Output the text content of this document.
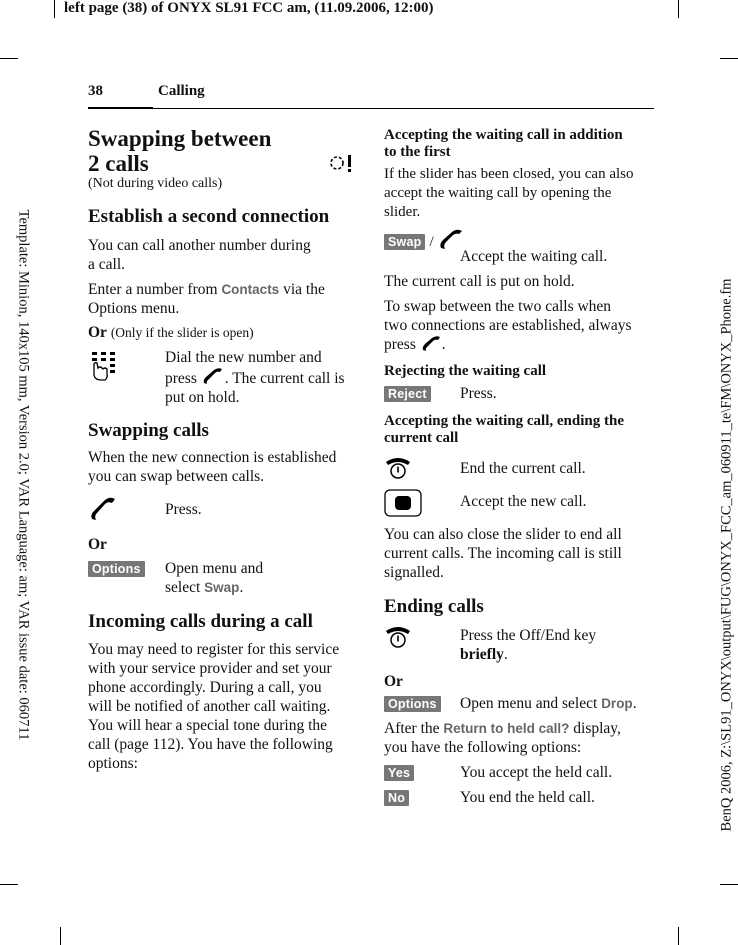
left page (38) of ONYX SL91 FCC am, (11.09.2006, 12:00)
Template: Minion, 140x105 mm, Version 2.0; VAR Language: am; VAR issue date: 060711	BenQ 2006, Z:\SL91_ONYX\output\FUG\ONYX_FCC_am_060911_te\FM\ONYX_Phone.fm
38	Calling
Swapping between
2 calls
(Not during video calls)
Establish a second connection
You can call another number during
a call.
Enter a number from Contacts via the
Options menu.
Or (Only if the slider is open)
Dial the new number and
press . The current call is
put on hold.
Swapping calls
When the new connection is established
you can swap between calls.
Press.
Or
Options Open menu and
select Swap.
Incoming calls during a call
You may need to register for this service
with your service provider and set your
phone accordingly. During a call, you
will be notified of another call waiting.
You will hear a special tone during the
call (page 112). You have the following
options:
Accepting the waiting call in addition
to the first
If the slider has been closed, you can also
accept the waiting call by opening the
slider.
Swap /
Accept the waiting call.
The current call is put on hold.
To swap between the two calls when
two connections are established, always
press .
Rejecting the waiting call
Reject Press.
Accepting the waiting call, ending the
current call
End the current call.
Accept the new call.
You can also close the slider to end all
current calls. The incoming call is still
signalled.
Ending calls
Press the Off/End key
briefly.
Or
Options Open menu and select Drop.
After the Return to held call? display,
you have the following options:
Yes	You accept the held call.
No	You end the held call.
